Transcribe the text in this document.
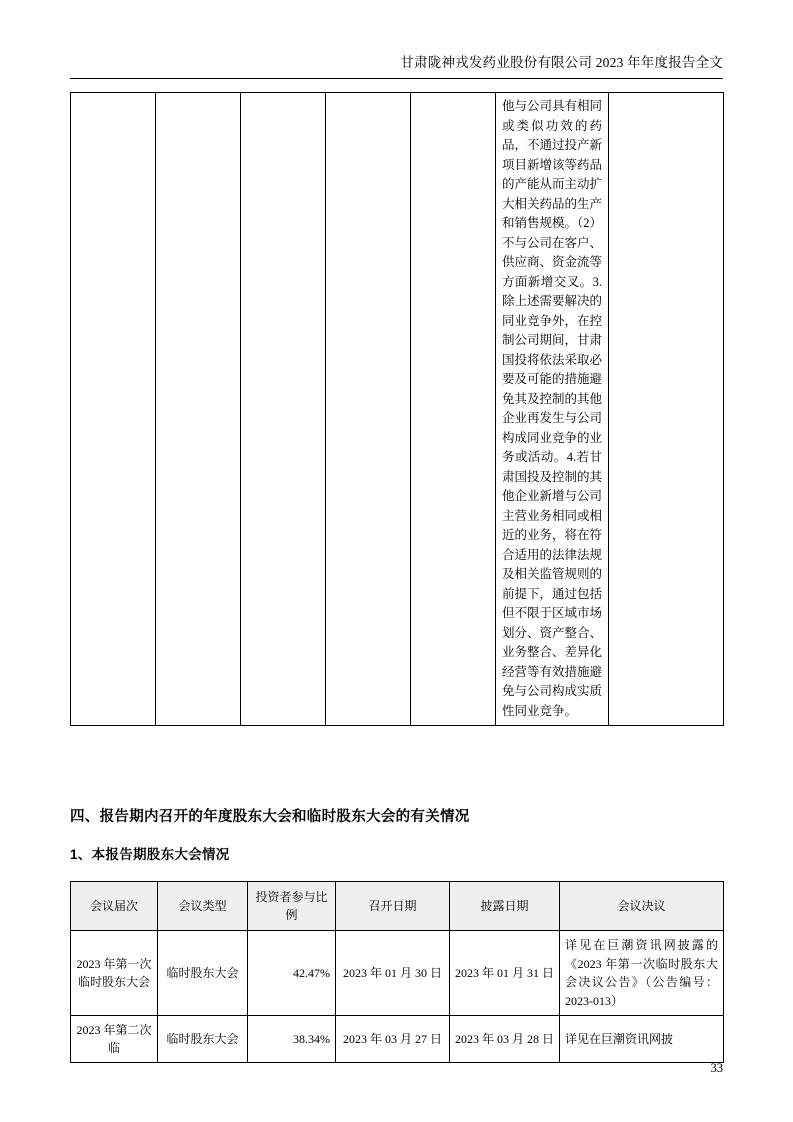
甘肃陇神戎发药业股份有限公司 2023 年年度报告全文

他与公司具有相同或类似功效的药品，不通过投产新项目新增该等药品的产能从而主动扩大相关药品的生产和销售规模。（2）不与公司在客户、供应商、资金流等方面新增交叉。3.除上述需要解决的同业竞争外，在控制公司期间，甘肃国投将依法采取必要及可能的措施避免其及控制的其他企业再发生与公司构成同业竞争的业务或活动。4.若甘肃国投及控制的其他企业新增与公司主营业务相同或相近的业务，将在符合适用的法律法规及相关监管规则的前提下，通过包括但不限于区域市场划分、资产整合、业务整合、差异化经营等有效措施避免与公司构成实质性同业竞争。

四、报告期内召开的年度股东大会和临时股东大会的有关情况
1、本报告期股东大会情况
会议届次	会议类型	投资者参与比例	召开日期	披露日期	会议决议
2023 年第一次临时股东大会	临时股东大会	42.47%	2023 年 01 月 30 日	2023 年 01 月 31 日	详见在巨潮资讯网披露的《2023 年第一次临时股东大会决议公告》（公告编号：2023-013）
2023 年第二次临	临时股东大会	38.34%	2023 年 03 月 27 日	2023 年 03 月 28 日	详见在巨潮资讯网披
33
